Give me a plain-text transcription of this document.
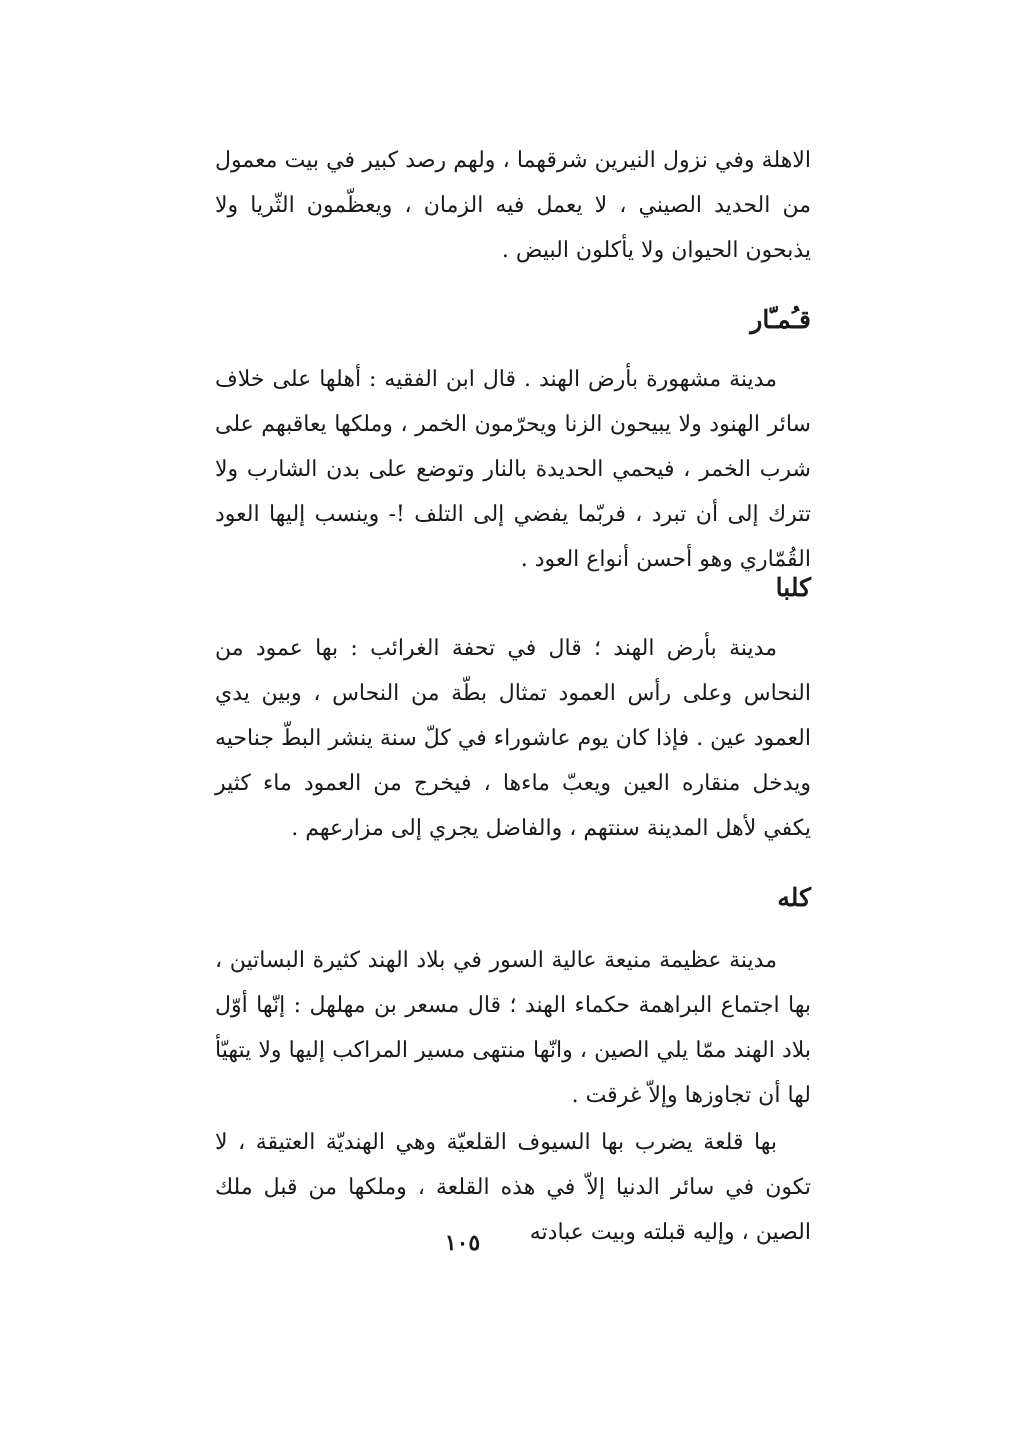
الاهلة وفي نزول النيرين شرقهما ، ولهم رصد كبير في بيت معمول من الحديد الصيني ، لا يعمل فيه الزمان ، ويعظّمون الثّريا ولا يذبحون الحيوان ولا يأكلون البيض .

قـُمـّار

مدينة مشهورة بأرض الهند . قال ابن الفقيه : أهلها على خلاف سائر الهنود ولا يبيحون الزنا ويحرّمون الخمر ، وملكها يعاقبهم على شرب الخمر ، فيحمي الحديدة بالنار وتوضع على بدن الشارب ولا تترك إلى أن تبرد ، فربّما يفضي إلى التلف !- وينسب إليها العود القُمّاري وهو أحسن أنواع العود .

كلبا

مدينة بأرض الهند ؛ قال في تحفة الغرائب : بها عمود من النحاس وعلى رأس العمود تمثال بطّة من النحاس ، وبين يدي العمود عين . فإذا كان يوم عاشوراء في كلّ سنة ينشر البطّ جناحيه ويدخل منقاره العين ويعبّ ماءها ، فيخرج من العمود ماء كثير يكفي لأهل المدينة سنتهم ، والفاضل يجري إلى مزارعهم .

كله

مدينة عظيمة منيعة عالية السور في بلاد الهند كثيرة البساتين ، بها اجتماع البراهمة حكماء الهند ؛ قال مسعر بن مهلهل : إنّها أوّل بلاد الهند ممّا يلي الصين ، وانّها منتهى مسير المراكب إليها ولا يتهيّأ لها أن تجاوزها وإلاّ غرقت .

بها قلعة يضرب بها السيوف القلعيّة وهي الهنديّة العتيقة ، لا تكون في سائر الدنيا إلاّ في هذه القلعة ، وملكها من قبل ملك الصين ، وإليه قبلته وبيت عبادته

١٠٥
